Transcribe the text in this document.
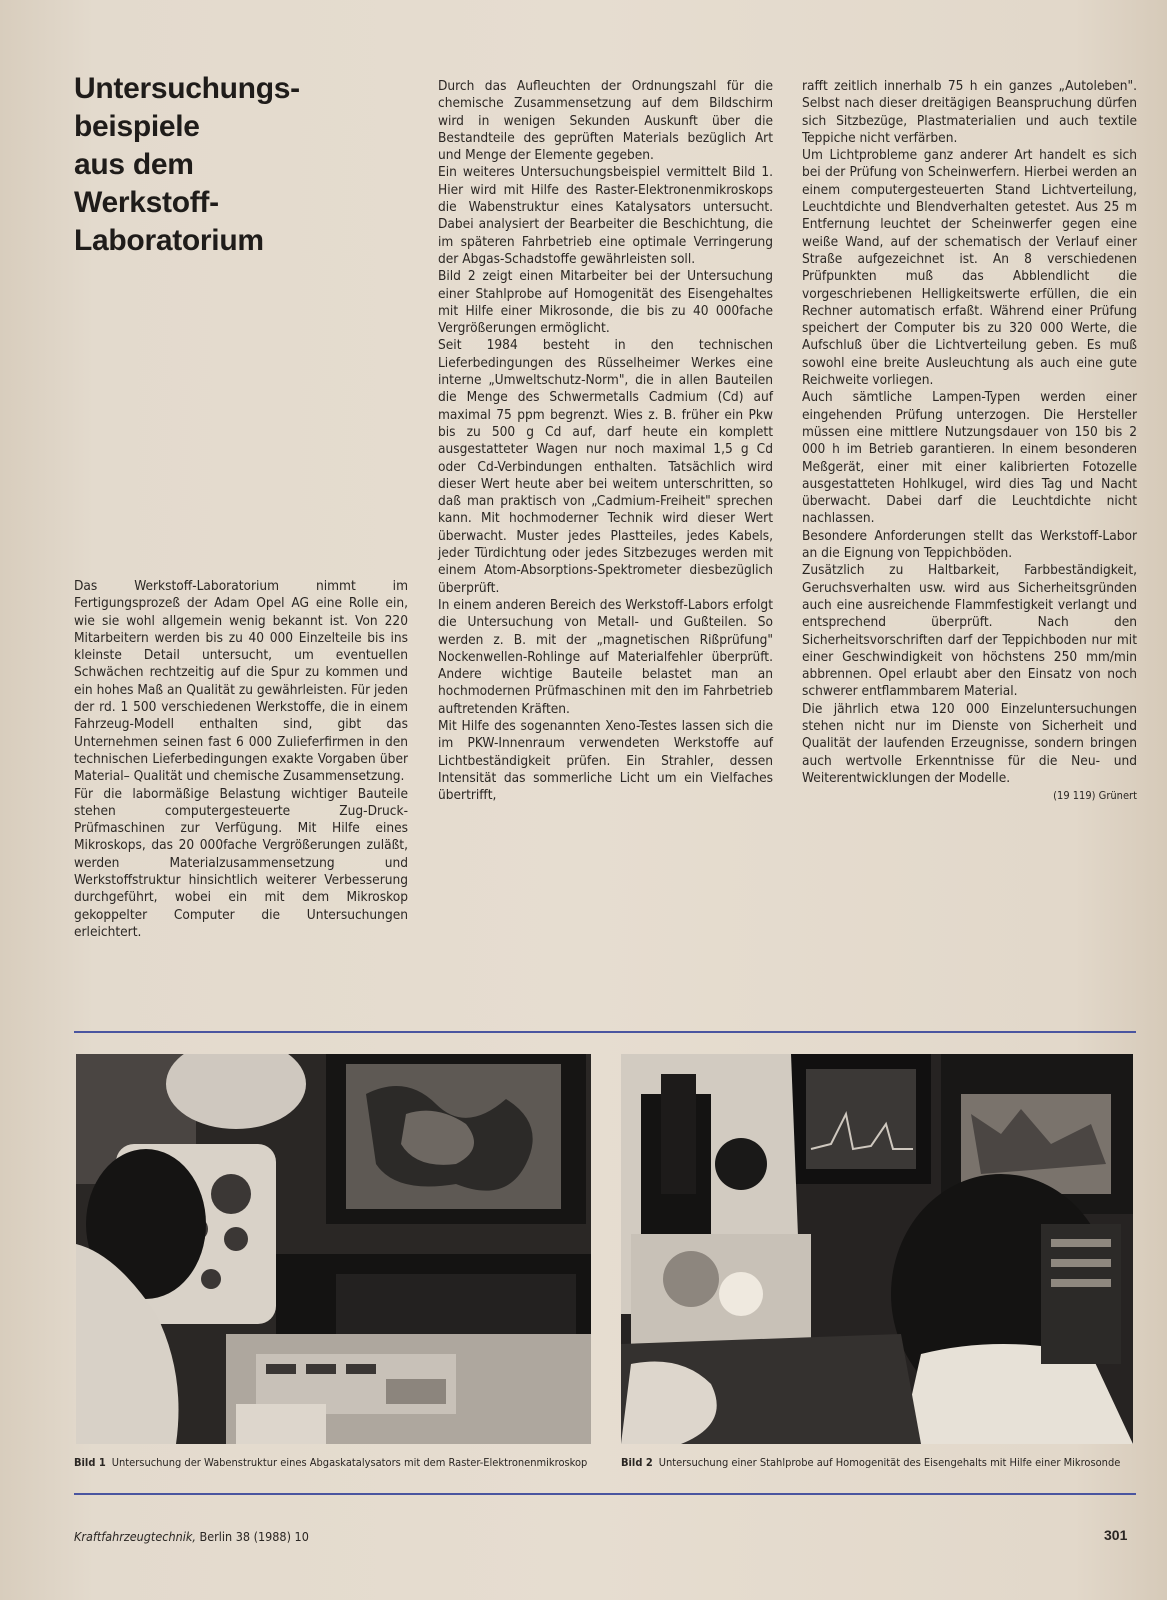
Untersuchungs-
beispiele
aus dem
Werkstoff-
Laboratorium

Das Werkstoff-Laboratorium nimmt im Fertigungsprozeß der Adam Opel AG eine Rolle ein, wie sie wohl allgemein wenig bekannt ist. Von 220 Mitarbeitern werden bis zu 40 000 Einzelteile bis ins kleinste Detail untersucht, um eventuellen Schwächen rechtzeitig auf die Spur zu kommen und ein hohes Maß an Qualität zu gewährleisten. Für jeden der rd. 1 500 verschiedenen Werkstoffe, die in einem Fahrzeug-Modell enthalten sind, gibt das Unternehmen seinen fast 6 000 Zulieferfirmen in den technischen Lieferbedingungen exakte Vorgaben über Material– Qualität und chemische Zusammensetzung.

Für die labormäßige Belastung wichtiger Bauteile stehen computergesteuerte Zug-Druck-Prüfmaschinen zur Verfügung. Mit Hilfe eines Mikroskops, das 20 000fache Vergrößerungen zuläßt, werden Materialzusammensetzung und Werkstoffstruktur hinsichtlich weiterer Verbesserung durchgeführt, wobei ein mit dem Mikroskop gekoppelter Computer die Untersuchungen erleichtert.

Durch das Aufleuchten der Ordnungszahl für die chemische Zusammensetzung auf dem Bildschirm wird in wenigen Sekunden Auskunft über die Bestandteile des geprüften Materials bezüglich Art und Menge der Elemente gegeben.

Ein weiteres Untersuchungsbeispiel vermittelt Bild 1. Hier wird mit Hilfe des Raster-Elektronenmikroskops die Wabenstruktur eines Katalysators untersucht. Dabei analysiert der Bearbeiter die Beschichtung, die im späteren Fahrbetrieb eine optimale Verringerung der Abgas-Schadstoffe gewährleisten soll.

Bild 2 zeigt einen Mitarbeiter bei der Untersuchung einer Stahlprobe auf Homogenität des Eisengehaltes mit Hilfe einer Mikrosonde, die bis zu 40 000fache Vergrößerungen ermöglicht.

Seit 1984 besteht in den technischen Lieferbedingungen des Rüsselheimer Werkes eine interne „Umweltschutz-Norm", die in allen Bauteilen die Menge des Schwermetalls Cadmium (Cd) auf maximal 75 ppm begrenzt. Wies z. B. früher ein Pkw bis zu 500 g Cd auf, darf heute ein komplett ausgestatteter Wagen nur noch maximal 1,5 g Cd oder Cd-Verbindungen enthalten. Tatsächlich wird dieser Wert heute aber bei weitem unterschritten, so daß man praktisch von „Cadmium-Freiheit" sprechen kann. Mit hochmoderner Technik wird dieser Wert überwacht. Muster jedes Plastteiles, jedes Kabels, jeder Türdichtung oder jedes Sitzbezuges werden mit einem Atom-Absorptions-Spektrometer diesbezüglich überprüft.

In einem anderen Bereich des Werkstoff-Labors erfolgt die Untersuchung von Metall- und Gußteilen. So werden z. B. mit der „magnetischen Rißprüfung" Nockenwellen-Rohlinge auf Materialfehler überprüft. Andere wichtige Bauteile belastet man an hochmodernen Prüfmaschinen mit den im Fahrbetrieb auftretenden Kräften.

Mit Hilfe des sogenannten Xeno-Testes lassen sich die im PKW-Innenraum verwendeten Werkstoffe auf Lichtbeständigkeit prüfen. Ein Strahler, dessen Intensität das sommerliche Licht um ein Vielfaches übertrifft,

rafft zeitlich innerhalb 75 h ein ganzes „Autoleben". Selbst nach dieser dreitägigen Beanspruchung dürfen sich Sitzbezüge, Plastmaterialien und auch textile Teppiche nicht verfärben.

Um Lichtprobleme ganz anderer Art handelt es sich bei der Prüfung von Scheinwerfern. Hierbei werden an einem computergesteuerten Stand Lichtverteilung, Leuchtdichte und Blendverhalten getestet. Aus 25 m Entfernung leuchtet der Scheinwerfer gegen eine weiße Wand, auf der schematisch der Verlauf einer Straße aufgezeichnet ist. An 8 verschiedenen Prüfpunkten muß das Abblendlicht die vorgeschriebenen Helligkeitswerte erfüllen, die ein Rechner automatisch erfaßt. Während einer Prüfung speichert der Computer bis zu 320 000 Werte, die Aufschluß über die Lichtverteilung geben. Es muß sowohl eine breite Ausleuchtung als auch eine gute Reichweite vorliegen.

Auch sämtliche Lampen-Typen werden einer eingehenden Prüfung unterzogen. Die Hersteller müssen eine mittlere Nutzungsdauer von 150 bis 2 000 h im Betrieb garantieren. In einem besonderen Meßgerät, einer mit einer kalibrierten Fotozelle ausgestatteten Hohlkugel, wird dies Tag und Nacht überwacht. Dabei darf die Leuchtdichte nicht nachlassen.

Besondere Anforderungen stellt das Werkstoff-Labor an die Eignung von Teppichböden.

Zusätzlich zu Haltbarkeit, Farbbeständigkeit, Geruchsverhalten usw. wird aus Sicherheitsgründen auch eine ausreichende Flammfestigkeit verlangt und entsprechend überprüft. Nach den Sicherheitsvorschriften darf der Teppichboden nur mit einer Geschwindigkeit von höchstens 250 mm/min abbrennen. Opel erlaubt aber den Einsatz von noch schwerer entflammbarem Material.

Die jährlich etwa 120 000 Einzeluntersuchungen stehen nicht nur im Dienste von Sicherheit und Qualität der laufenden Erzeugnisse, sondern bringen auch wertvolle Erkenntnisse für die Neu- und Weiterentwicklungen der Modelle.

(19 119) Grünert
Bild 1 Untersuchung der Wabenstruktur eines Abgaskatalysators mit dem Raster-Elektronenmikroskop	Bild 2 Untersuchung einer Stahlprobe auf Homogenität des Eisengehalts mit Hilfe einer Mikrosonde
Kraftfahrzeugtechnik, Berlin 38 (1988) 10	301
